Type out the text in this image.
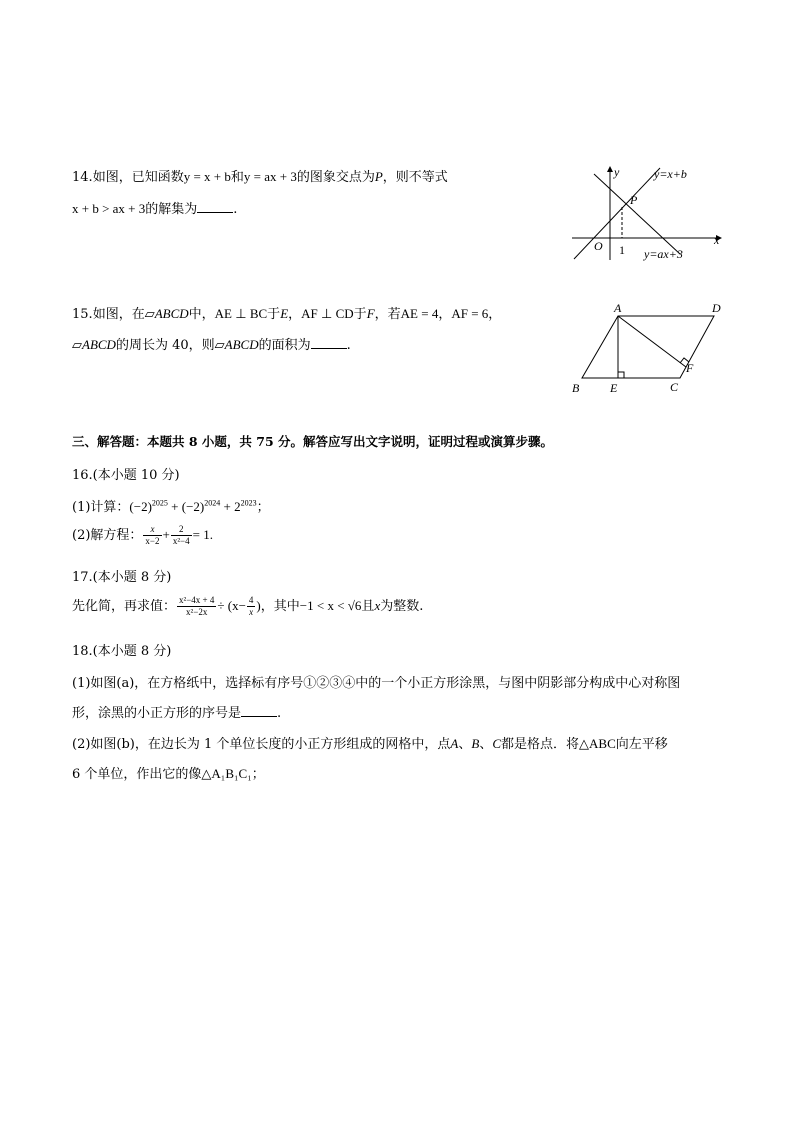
14.如图，已知函数y = x + b和y = ax + 3的图象交点为P，则不等式
x + b > ax + 3的解集为	.
y
x
O 1
P
y=x+b
y=ax+3
15.如图，在▱ABCD中，AE ⊥ BC于E，AF ⊥ CD于F，若AE = 4，AF = 6，
▱ABCD的周长为 40，则▱ABCD的面积为	.
A	D
B	E	C
F
三、解答题：本题共 8 小题，共 75 分。解答应写出文字说明，证明过程或演算步骤。
16.(本小题 10 分)
(1)计算：$(-2)^{2025} + (-2)^{2024} + 2^{2023}$；
(2)解方程： $\frac{x}{x-2} + \frac{2}{\text{x²−4}} = 1$.
17.(本小题 8 分)
先化简，再求值： $\frac{\text{x²−4x + 4}}{\text{x²−2x}} \div (x- \frac{4}{x}$ )，其中−1 < x < √6且x为整数.
18.(本小题 8 分)
(1)如图(a)，在方格纸中，选择标有序号①②③④中的一个小正方形涂黑，与图中阴影部分构成中心对称图
形，涂黑的小正方形的序号是	.
(2)如图(b)，在边长为 1 个单位长度的小正方形组成的网格中，点A、B、C都是格点．将△ABC向左平移
6 个单位，作出它的像△A₁B₁C₁；
